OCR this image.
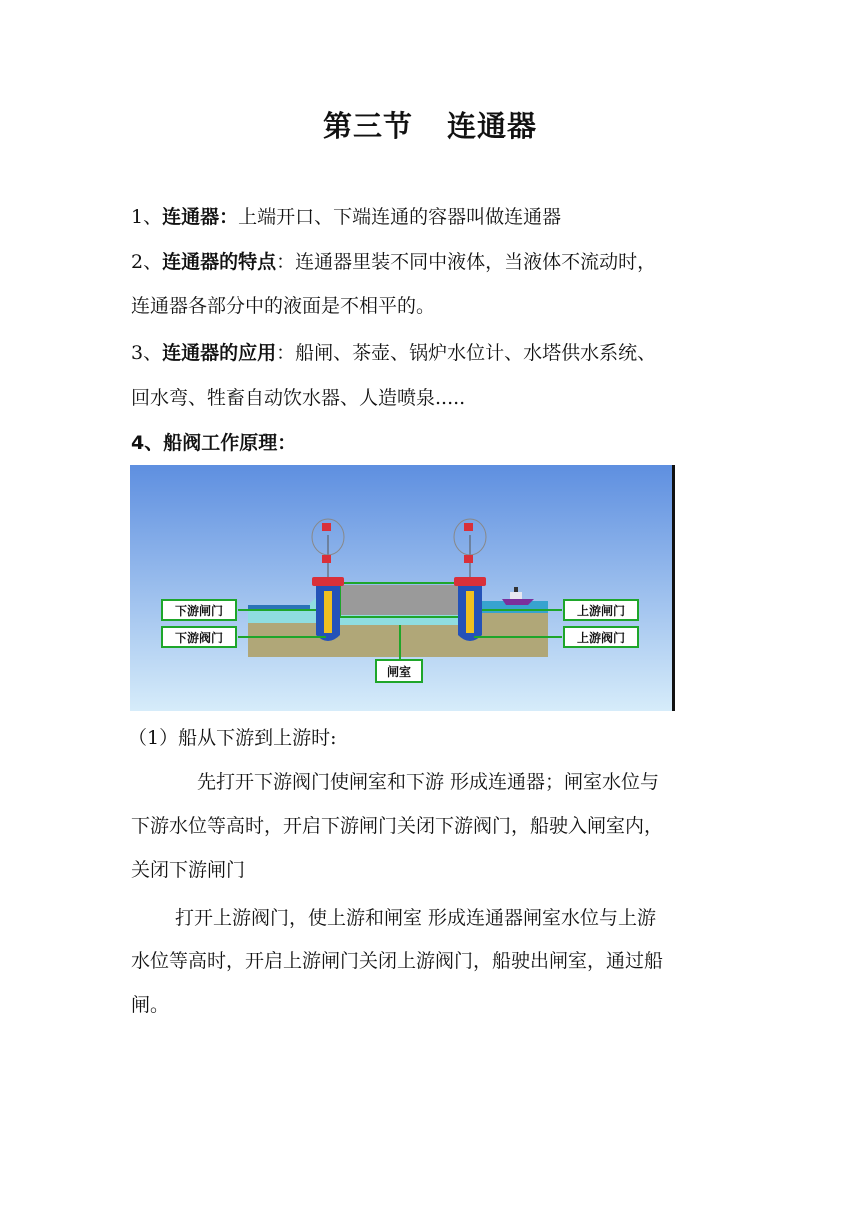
第三节 连通器
1、连通器：上端开口、下端连通的容器叫做连通器
2、连通器的特点：连通器里装不同中液体，当液体不流动时，
连通器各部分中的液面是不相平的。
3、连通器的应用：船闸、茶壶、锅炉水位计、水塔供水系统、
回水弯、牲畜自动饮水器、人造喷泉.....
4、船阀工作原理：
下游闸门
下游阀门
上游闸门
上游阀门
闸室
（1）船从下游到上游时:
先打开下游阀门使闸室和下游 形成连通器；闸室水位与
下游水位等高时，开启下游闸门关闭下游阀门，船驶入闸室内，
关闭下游闸门
打开上游阀门，使上游和闸室 形成连通器闸室水位与上游
水位等高时，开启上游闸门关闭上游阀门，船驶出闸室，通过船
闸。
